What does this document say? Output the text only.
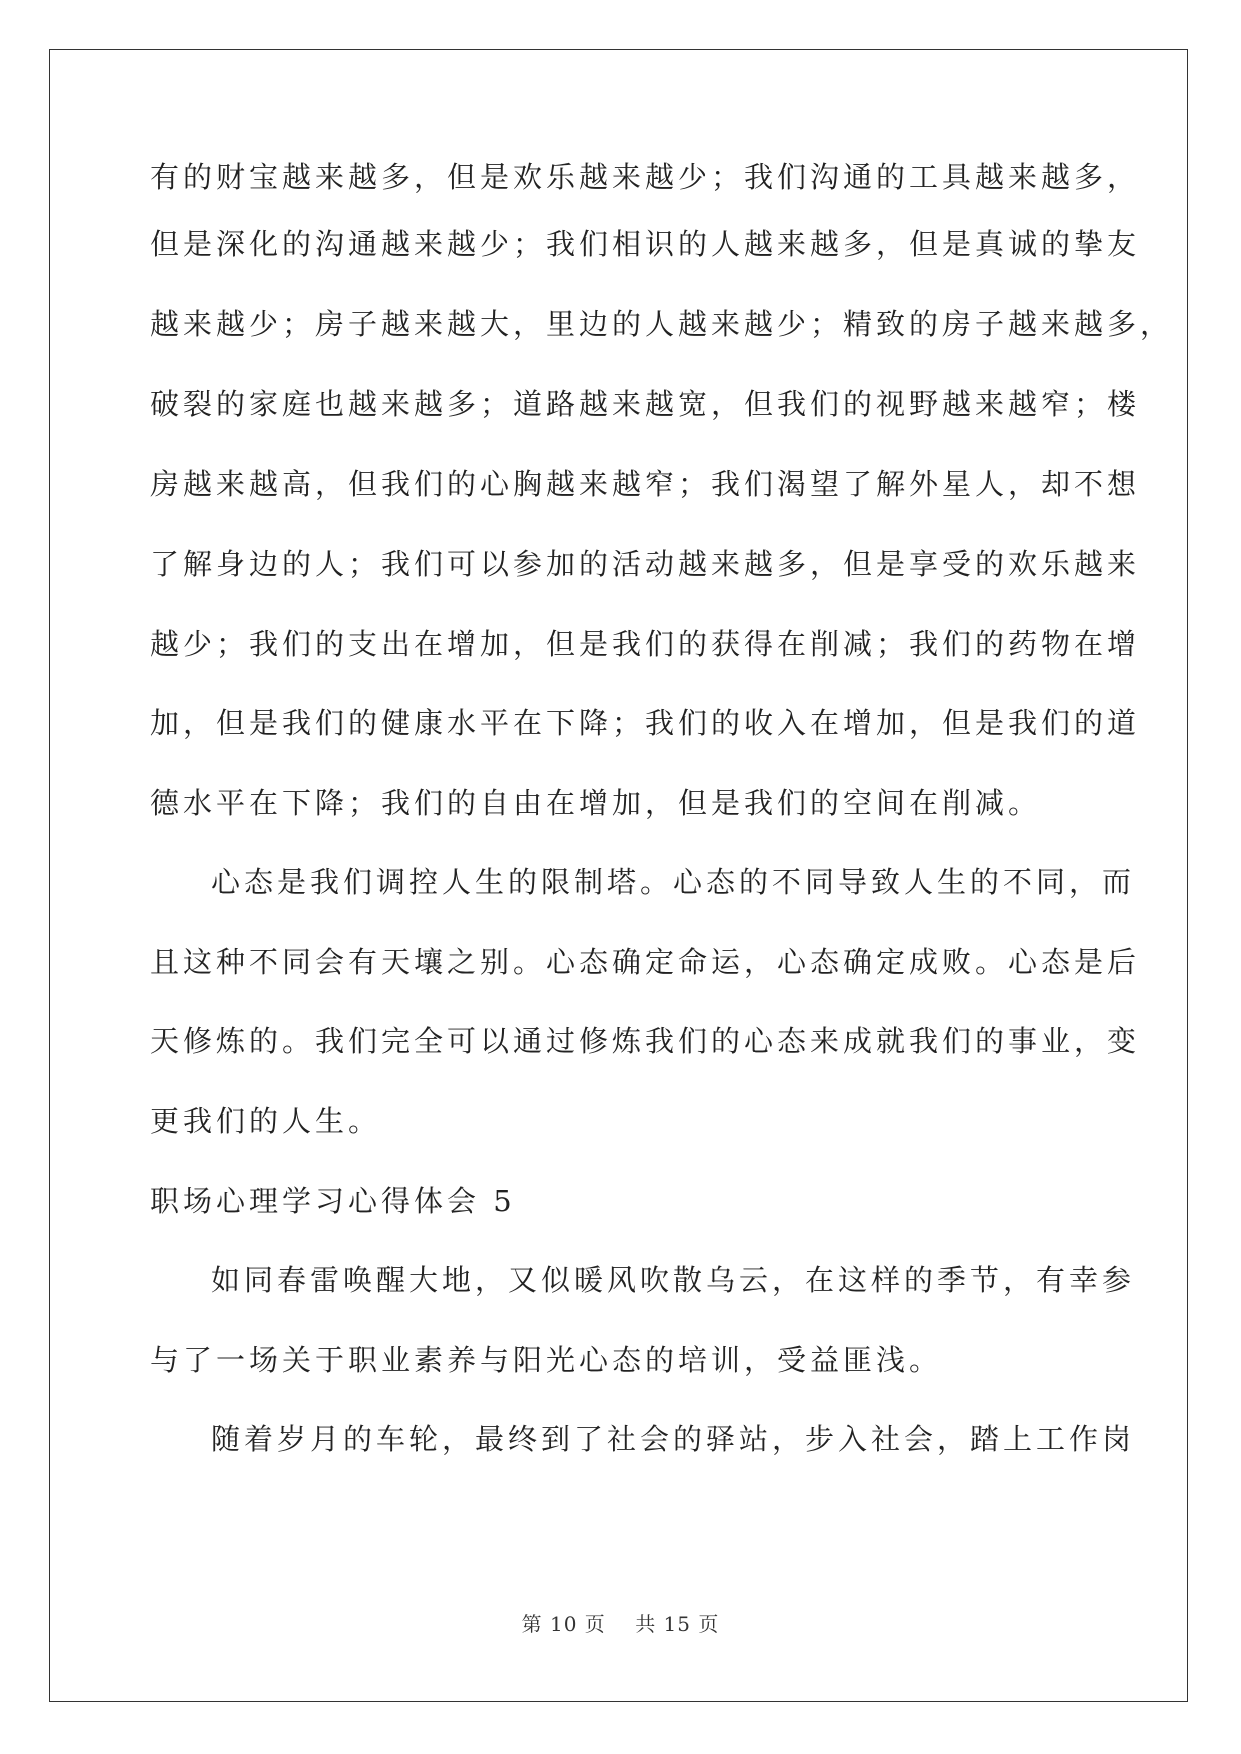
有的财宝越来越多，但是欢乐越来越少；我们沟通的工具越来越多，
但是深化的沟通越来越少；我们相识的人越来越多，但是真诚的挚友
越来越少；房子越来越大，里边的人越来越少；精致的房子越来越多，
破裂的家庭也越来越多；道路越来越宽，但我们的视野越来越窄；楼
房越来越高，但我们的心胸越来越窄；我们渴望了解外星人，却不想
了解身边的人；我们可以参加的活动越来越多，但是享受的欢乐越来
越少；我们的支出在增加，但是我们的获得在削减；我们的药物在增
加，但是我们的健康水平在下降；我们的收入在增加，但是我们的道
德水平在下降；我们的自由在增加，但是我们的空间在削减。
心态是我们调控人生的限制塔。心态的不同导致人生的不同，而
且这种不同会有天壤之别。心态确定命运，心态确定成败。心态是后
天修炼的。我们完全可以通过修炼我们的心态来成就我们的事业，变
更我们的人生。
职场心理学习心得体会 5
如同春雷唤醒大地，又似暖风吹散乌云，在这样的季节，有幸参
与了一场关于职业素养与阳光心态的培训，受益匪浅。
随着岁月的车轮，最终到了社会的驿站，步入社会，踏上工作岗
第 10 页    共 15 页
